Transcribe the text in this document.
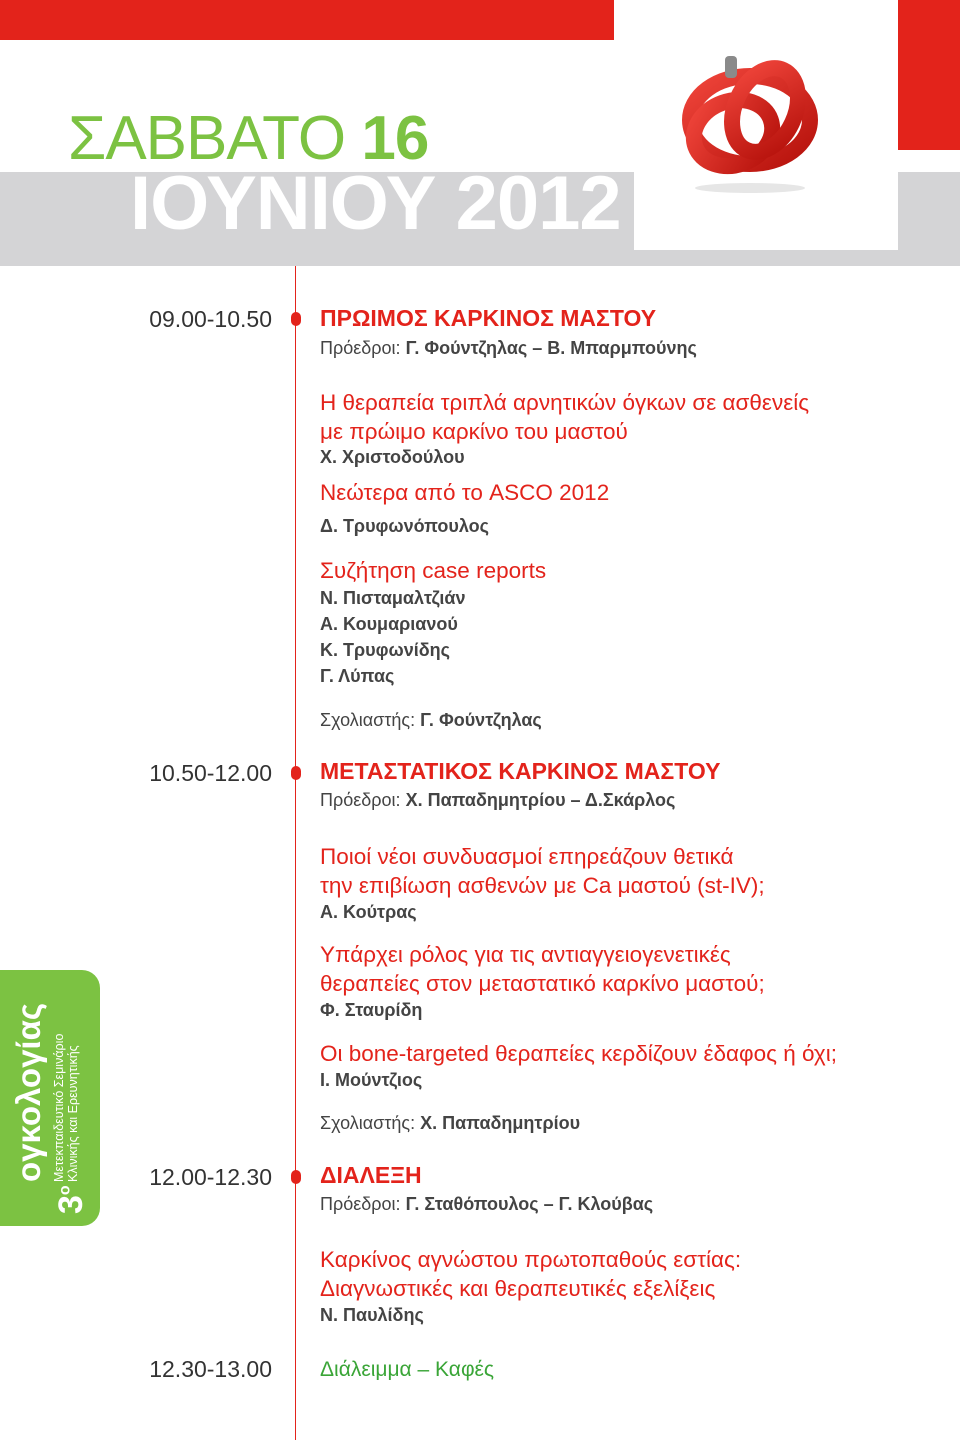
ΣΑΒΒΑΤΟ 16
ΙΟΥΝΙΟΥ 2012
09.00-10.50 ΠΡΩΙΜΟΣ ΚΑΡΚΙΝΟΣ ΜΑΣΤΟΥ
Πρόεδροι: Γ. Φούντζηλας – Β. Μπαρμπούνης
Η θεραπεία τριπλά αρνητικών όγκων σε ασθενείς
με πρώιμο καρκίνο του μαστού
Χ. Χριστοδούλου
Νεώτερα από το ASCO 2012
Δ. Τρυφωνόπουλος
Συζήτηση case reports
Ν. Πισταμαλτζιάν
Α. Κουμαριανού
Κ. Τρυφωνίδης
Γ. Λύπας
Σχολιαστής: Γ. Φούντζηλας
10.50-12.00 ΜΕΤΑΣΤΑΤΙΚΟΣ ΚΑΡΚΙΝΟΣ ΜΑΣΤΟΥ
Πρόεδροι: Χ. Παπαδημητρίου – Δ.Σκάρλος
Ποιοί νέοι συνδυασμοί επηρεάζουν θετικά
την επιβίωση ασθενών με Ca μαστού (st-IV);
Α. Κούτρας
Υπάρχει ρόλος για τις αντιαγγειογενετικές
θεραπείες στον μεταστατικό καρκίνο μαστού;
Φ. Σταυρίδη
Οι bone-targeted θεραπείες κερδίζουν έδαφος ή όχι;
Ι. Μούντζιος
Σχολιαστής: Χ. Παπαδημητρίου
12.00-12.30 ΔΙΑΛΕΞΗ
Πρόεδροι: Γ. Σταθόπουλος – Γ. Κλούβας
Καρκίνος αγνώστου πρωτοπαθούς εστίας:
Διαγνωστικές και θεραπευτικές εξελίξεις
Ν. Παυλίδης
12.30-13.00 Διάλειμμα – Καφές
$3^o$
Μετεκπαιδευτικό Σεμινάριο Κλινικής και Ερευνητικής
ογκολογίας
